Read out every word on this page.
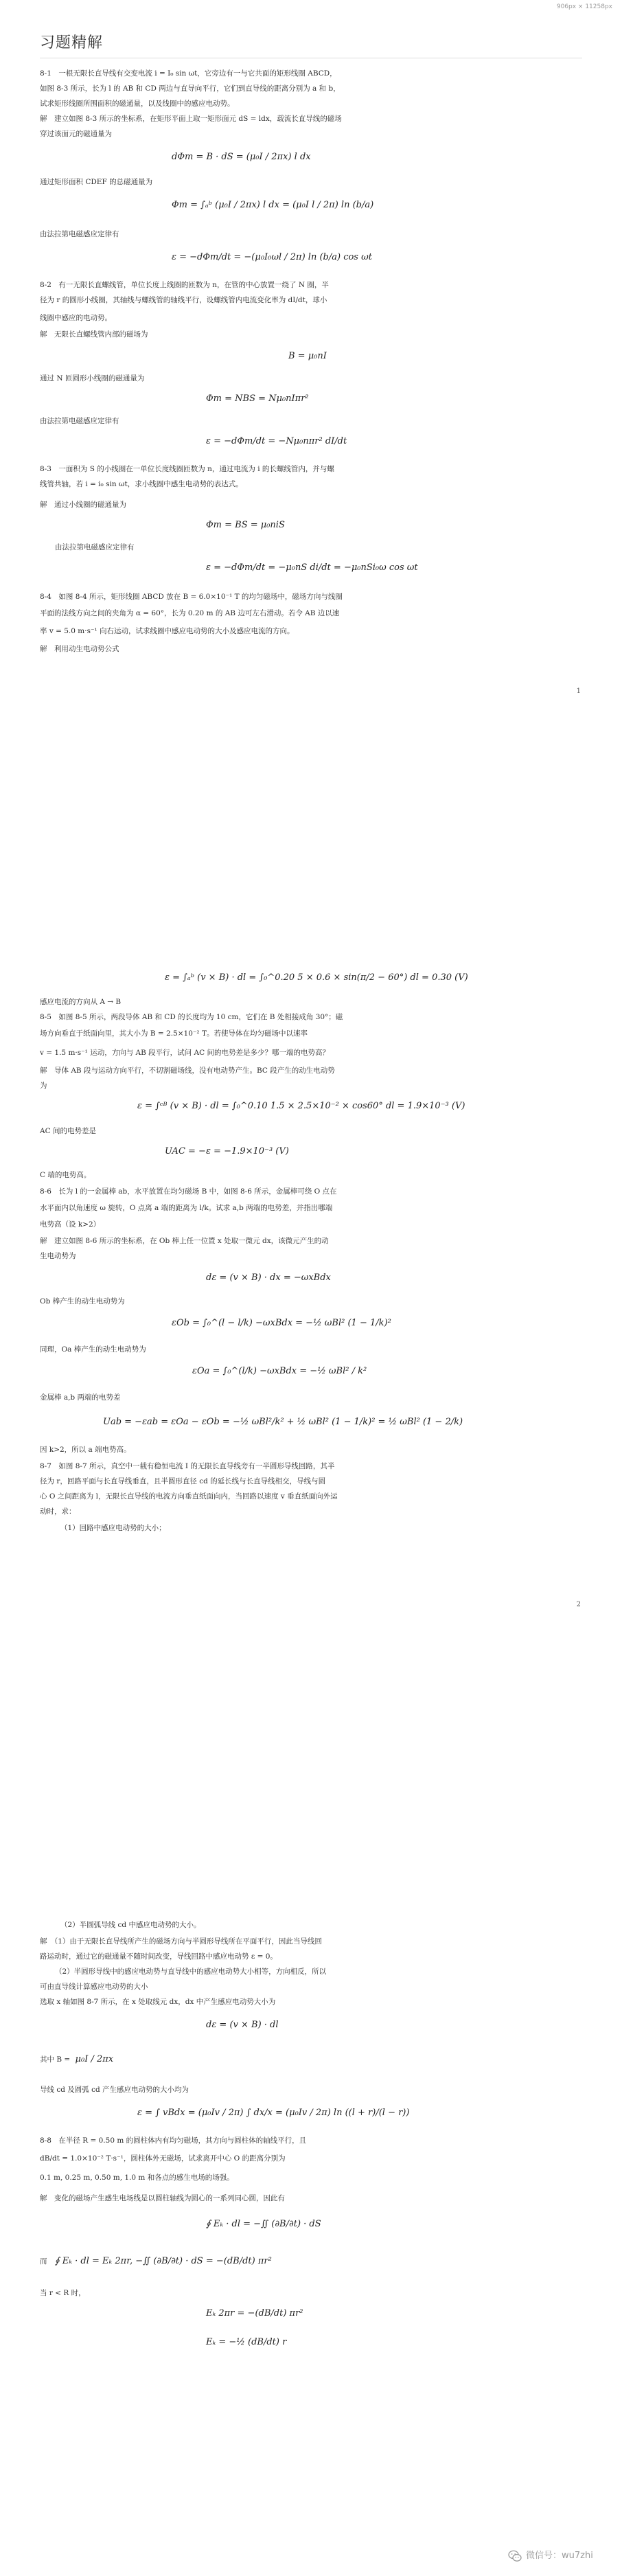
906px × 11258px
习题精解

8-1　一根无限长直导线有交变电流 i = I₀ sin ωt，它旁边有一与它共面的矩形线圈 ABCD，

如图 8-3 所示，长为 l 的 AB 和 CD 两边与直导向平行，它们到直导线的距离分别为 a 和 b，

试求矩形线圈所围面积的磁通量，以及线圈中的感应电动势。

解　建立如图 8-3 所示的坐标系，在矩形平面上取一矩形面元 dS = ldx，载流长直导线的磁场

穿过该面元的磁通量为

dΦm = B · dS = (μ₀I / 2πx) l dx

通过矩形面积 CDEF 的总磁通量为

Φm = ∫ₐᵇ (μ₀I / 2πx) l dx = (μ₀I l / 2π) ln (b/a)

由法拉第电磁感应定律有

ε = −dΦm/dt = −(μ₀I₀ωl / 2π) ln (b/a) cos ωt

8-2　有一无限长直螺线管，单位长度上线圈的匝数为 n，在管的中心放置一绕了 N 圈，半

径为 r 的圆形小线圈，其轴线与螺线管的轴线平行，设螺线管内电流变化率为 dI/dt，球小

线圈中感应的电动势。

解　无限长直螺线管内部的磁场为

B = μ₀nI

通过 N 匝圆形小线圈的磁通量为

Φm = NBS = Nμ₀nIπr²

由法拉第电磁感应定律有

ε = −dΦm/dt = −Nμ₀nπr² dI/dt

8-3　一面积为 S 的小线圈在一单位长度线圈匝数为 n，通过电流为 i 的长螺线管内，并与螺

线管共轴，若 i = i₀ sin ωt，求小线圈中感生电动势的表达式。

解　通过小线圈的磁通量为

Φm = BS = μ₀niS

由法拉第电磁感应定律有

ε = −dΦm/dt = −μ₀nS di/dt = −μ₀nSi₀ω cos ωt

8-4　如图 8-4 所示，矩形线圈 ABCD 放在 B = 6.0×10⁻¹ T 的均匀磁场中，磁场方向与线圈

平面的法线方向之间的夹角为 α = 60°，长为 0.20 m 的 AB 边可左右滑动。若令 AB 边以速

率 v = 5.0 m·s⁻¹ 向右运动，试求线圈中感应电动势的大小及感应电流的方向。

解　利用动生电动势公式

1
ε = ∫ₐᵇ (v × B) · dl = ∫₀^0.20 5 × 0.6 × sin(π/2 − 60°) dl = 0.30 (V)

感应电流的方向从 A → B

8-5　如图 8-5 所示，两段导体 AB 和 CD 的长度均为 10 cm，它们在 B 处相接成角 30°；磁

场方向垂直于纸面向里，其大小为 B = 2.5×10⁻² T。若使导体在均匀磁场中以速率

v = 1.5 m·s⁻¹ 运动，方向与 AB 段平行，试问 AC 间的电势差是多少？哪一端的电势高？

解　导体 AB 段与运动方向平行，不切割磁场线，没有电动势产生。BC 段产生的动生电动势

为

ε = ∫ᶜᴮ (v × B) · dl = ∫₀^0.10 1.5 × 2.5×10⁻² × cos60° dl = 1.9×10⁻³ (V)

AC 间的电势差是

UAC = −ε = −1.9×10⁻³ (V)

C 端的电势高。

8-6　长为 l 的一金属棒 ab，水平放置在均匀磁场 B 中，如图 8-6 所示，金属棒可绕 O 点在

水平面内以角速度 ω 旋转，O 点离 a 端的距离为 l/k。试求 a,b 两端的电势差，并指出哪端

电势高（设 k>2）

解　建立如图 8-6 所示的坐标系，在 Ob 棒上任一位置 x 处取一微元 dx，该微元产生的动

生电动势为

dε = (v × B) · dx = −ωxBdx

Ob 棒产生的动生电动势为

εOb = ∫₀^(l − l/k) −ωxBdx = −½ ωBl² (1 − 1/k)²

同理，Oa 棒产生的动生电动势为

εOa = ∫₀^(l/k) −ωxBdx = −½ ωBl² / k²

金属棒 a,b 两端的电势差

Uab = −εab = εOa − εOb = −½ ωBl²/k² + ½ ωBl² (1 − 1/k)² = ½ ωBl² (1 − 2/k)

因 k>2，所以 a 端电势高。

8-7　如图 8-7 所示，真空中一载有稳恒电流 I 的无限长直导线旁有一半圆形导线回路，其半

径为 r，回路平面与长直导线垂直，且半圆形直径 cd 的延长线与长直导线相交，导线与圆

心 O 之间距离为 l，无限长直导线的电流方向垂直纸面向内，当回路以速度 v 垂直纸面向外运

动时，求：

（1）回路中感应电动势的大小；

2

（2）半圆弧导线 cd 中感应电动势的大小。

解　（1）由于无限长直导线所产生的磁场方向与半圆形导线所在平面平行，因此当导线回

路运动时，通过它的磁通量不随时间改变，导线回路中感应电动势 ε = 0。

（2）半圆形导线中的感应电动势与直导线中的感应电动势大小相等，方向相反，所以

可由直导线计算感应电动势的大小

选取 x 轴如图 8-7 所示，在 x 处取线元 dx，dx 中产生感应电动势大小为

dε = (v × B) · dl
其中 B = μ₀I / 2πx

导线 cd 及圆弧 cd 产生感应电动势的大小均为

ε = ∫ vBdx = (μ₀Iv / 2π) ∫ dx/x = (μ₀Iv / 2π) ln ((l + r)/(l − r))

8-8　在半径 R = 0.50 m 的圆柱体内有均匀磁场，其方向与圆柱体的轴线平行，且

dB/dt = 1.0×10⁻² T·s⁻¹，圆柱体外无磁场，试求离开中心 O 的距离分别为

0.1 m, 0.25 m, 0.50 m, 1.0 m 和各点的感生电场的场强。

解　变化的磁场产生感生电场线是以圆柱轴线为圆心的一系列同心圆，因此有

∮ Eₖ · dl = −∬ (∂B/∂t) · dS
而 ∮ Eₖ · dl = Eₖ 2πr, −∬ (∂B/∂t) · dS = −(dB/dt) πr²

当 r < R 时，

Eₖ 2πr = −(dB/dt) πr²
Eₖ = −½ (dB/dt) r
微信号：wu7zhi
